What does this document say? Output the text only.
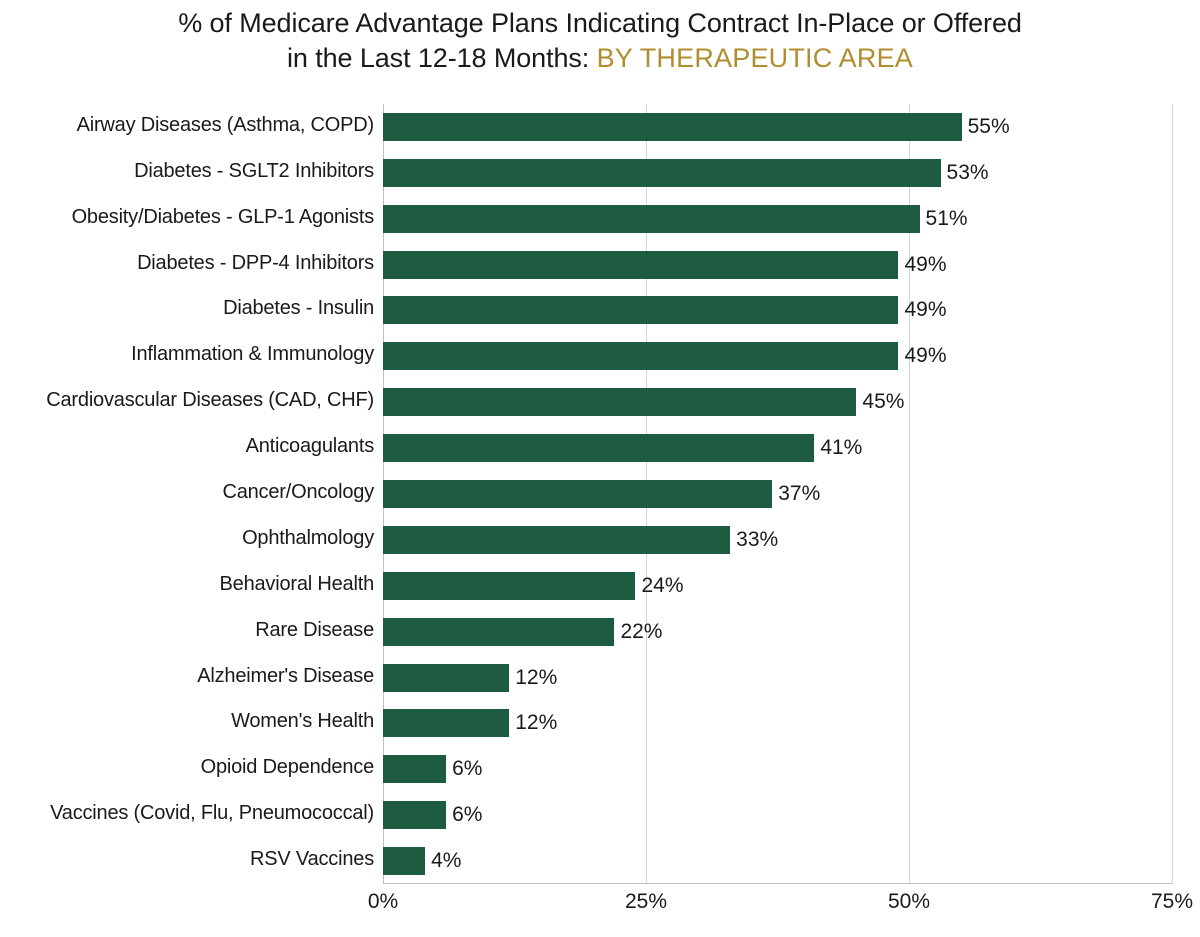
% of Medicare Advantage Plans Indicating Contract In-Place or Offered
in the Last 12-18 Months: BY THERAPEUTIC AREA
Airway Diseases (Asthma, COPD)
Diabetes - SGLT2 Inhibitors
Obesity/Diabetes - GLP-1 Agonists
Diabetes - DPP-4 Inhibitors
Diabetes - Insulin
Inflammation & Immunology
Cardiovascular Diseases (CAD, CHF)
Anticoagulants
Cancer/Oncology
Ophthalmology
Behavioral Health
Rare Disease
Alzheimer's Disease
Women's Health
Opioid Dependence
Vaccines (Covid, Flu, Pneumococcal)
RSV Vaccines
55%
53%
51%
49%
49%
49%
45%
41%
37%
33%
24%
22%
12%
12%
6%
6%
4%
0%	25%	50%	75%
